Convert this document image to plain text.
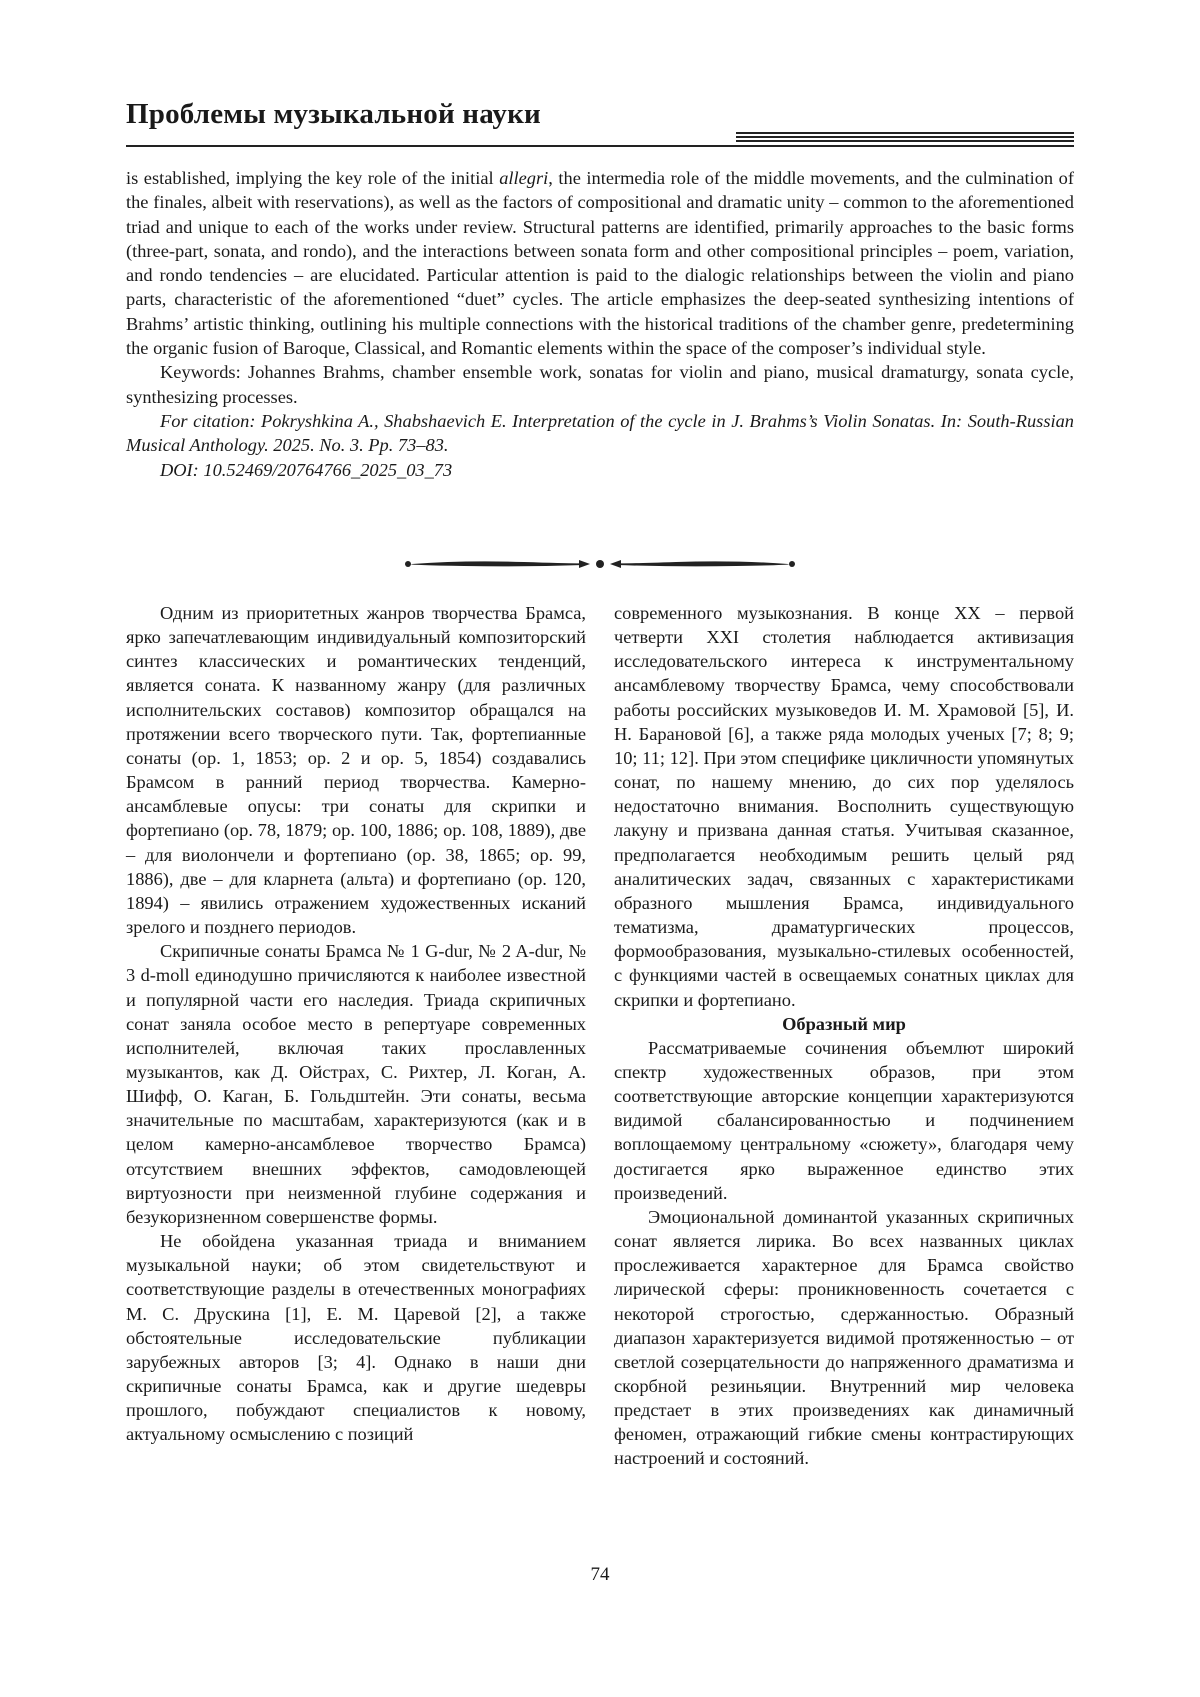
Проблемы музыкальной науки

is established, implying the key role of the initial allegri, the intermedia role of the middle movements, and the culmination of the finales, albeit with reservations), as well as the factors of compositional and dramatic unity – common to the aforementioned triad and unique to each of the works under review. Structural patterns are identified, primarily approaches to the basic forms (three-part, sonata, and rondo), and the interactions between sonata form and other compositional principles – poem, variation, and rondo tendencies – are elucidated. Particular attention is paid to the dialogic relationships between the violin and piano parts, characteristic of the aforementioned “duet” cycles. The article emphasizes the deep-seated synthesizing intentions of Brahms’ artistic thinking, outlining his multiple connections with the historical traditions of the chamber genre, predetermining the organic fusion of Baroque, Classical, and Romantic elements within the space of the composer’s individual style.

Keywords: Johannes Brahms, chamber ensemble work, sonatas for violin and piano, musical dramaturgy, sonata cycle, synthesizing processes.

For citation: Pokryshkina A., Shabshaevich E. Interpretation of the cycle in J. Brahms’s Violin Sonatas. In: South-Russian Musical Anthology. 2025. No. 3. Pp. 73–83.

DOI: 10.52469/20764766_2025_03_73

Одним из приоритетных жанров творчества Брамса, ярко запечатлевающим индивидуальный композиторский синтез классических и романтических тенденций, является соната. К названному жанру (для различных исполнительских составов) композитор обращался на протяжении всего творческого пути. Так, фортепианные сонаты (ор. 1, 1853; ор. 2 и ор. 5, 1854) создавались Брамсом в ранний период творчества. Камерно-ансамблевые опусы: три сонаты для скрипки и фортепиано (ор. 78, 1879; ор. 100, 1886; ор. 108, 1889), две – для виолончели и фортепиано (ор. 38, 1865; ор. 99, 1886), две – для кларнета (альта) и фортепиано (ор. 120, 1894) – явились отражением художественных исканий зрелого и позднего периодов.

Скрипичные сонаты Брамса № 1 G-dur, № 2 A-dur, № 3 d-moll единодушно причисляются к наиболее известной и популярной части его наследия. Триада скрипичных сонат заняла особое место в репертуаре современных исполнителей, включая таких прославленных музыкантов, как Д. Ойстрах, С. Рихтер, Л. Коган, А. Шифф, О. Каган, Б. Гольдштейн. Эти сонаты, весьма значительные по масштабам, характеризуются (как и в целом камерно-ансамблевое творчество Брамса) отсутствием внешних эффектов, самодовлеющей виртуозности при неизменной глубине содержания и безукоризненном совершенстве формы.

Не обойдена указанная триада и вниманием музыкальной науки; об этом свидетельствуют и соответствующие разделы в отечественных монографиях М. С. Друскина [1], Е. М. Царевой [2], а также обстоятельные исследовательские публикации зарубежных авторов [3; 4]. Однако в наши дни скрипичные сонаты Брамса, как и другие шедевры прошлого, побуждают специалистов к новому, актуальному осмыслению с позиций

современного музыкознания. В конце XX – первой четверти XXI столетия наблюдается активизация исследовательского интереса к инструментальному ансамблевому творчеству Брамса, чему способствовали работы российских музыковедов И. М. Храмовой [5], И. Н. Барановой [6], а также ряда молодых ученых [7; 8; 9; 10; 11; 12]. При этом специфике цикличности упомянутых сонат, по нашему мнению, до сих пор уделялось недостаточно внимания. Восполнить существующую лакуну и призвана данная статья. Учитывая сказанное, предполагается необходимым решить целый ряд аналитических задач, связанных с характеристиками образного мышления Брамса, индивидуального тематизма, драматургических процессов, формообразования, музыкально-стилевых особенностей, с функциями частей в освещаемых сонатных циклах для скрипки и фортепиано.

Образный мир

Рассматриваемые сочинения объемлют широкий спектр художественных образов, при этом соответствующие авторские концепции характеризуются видимой сбалансированностью и подчинением воплощаемому центральному «сюжету», благодаря чему достигается ярко выраженное единство этих произведений.

Эмоциональной доминантой указанных скрипичных сонат является лирика. Во всех названных циклах прослеживается характерное для Брамса свойство лирической сферы: проникновенность сочетается с некоторой строгостью, сдержанностью. Образный диапазон характеризуется видимой протяженностью – от светлой созерцательности до напряженного драматизма и скорбной резиньяции. Внутренний мир человека предстает в этих произведениях как динамичный феномен, отражающий гибкие смены контрастирующих настроений и состояний.

74
